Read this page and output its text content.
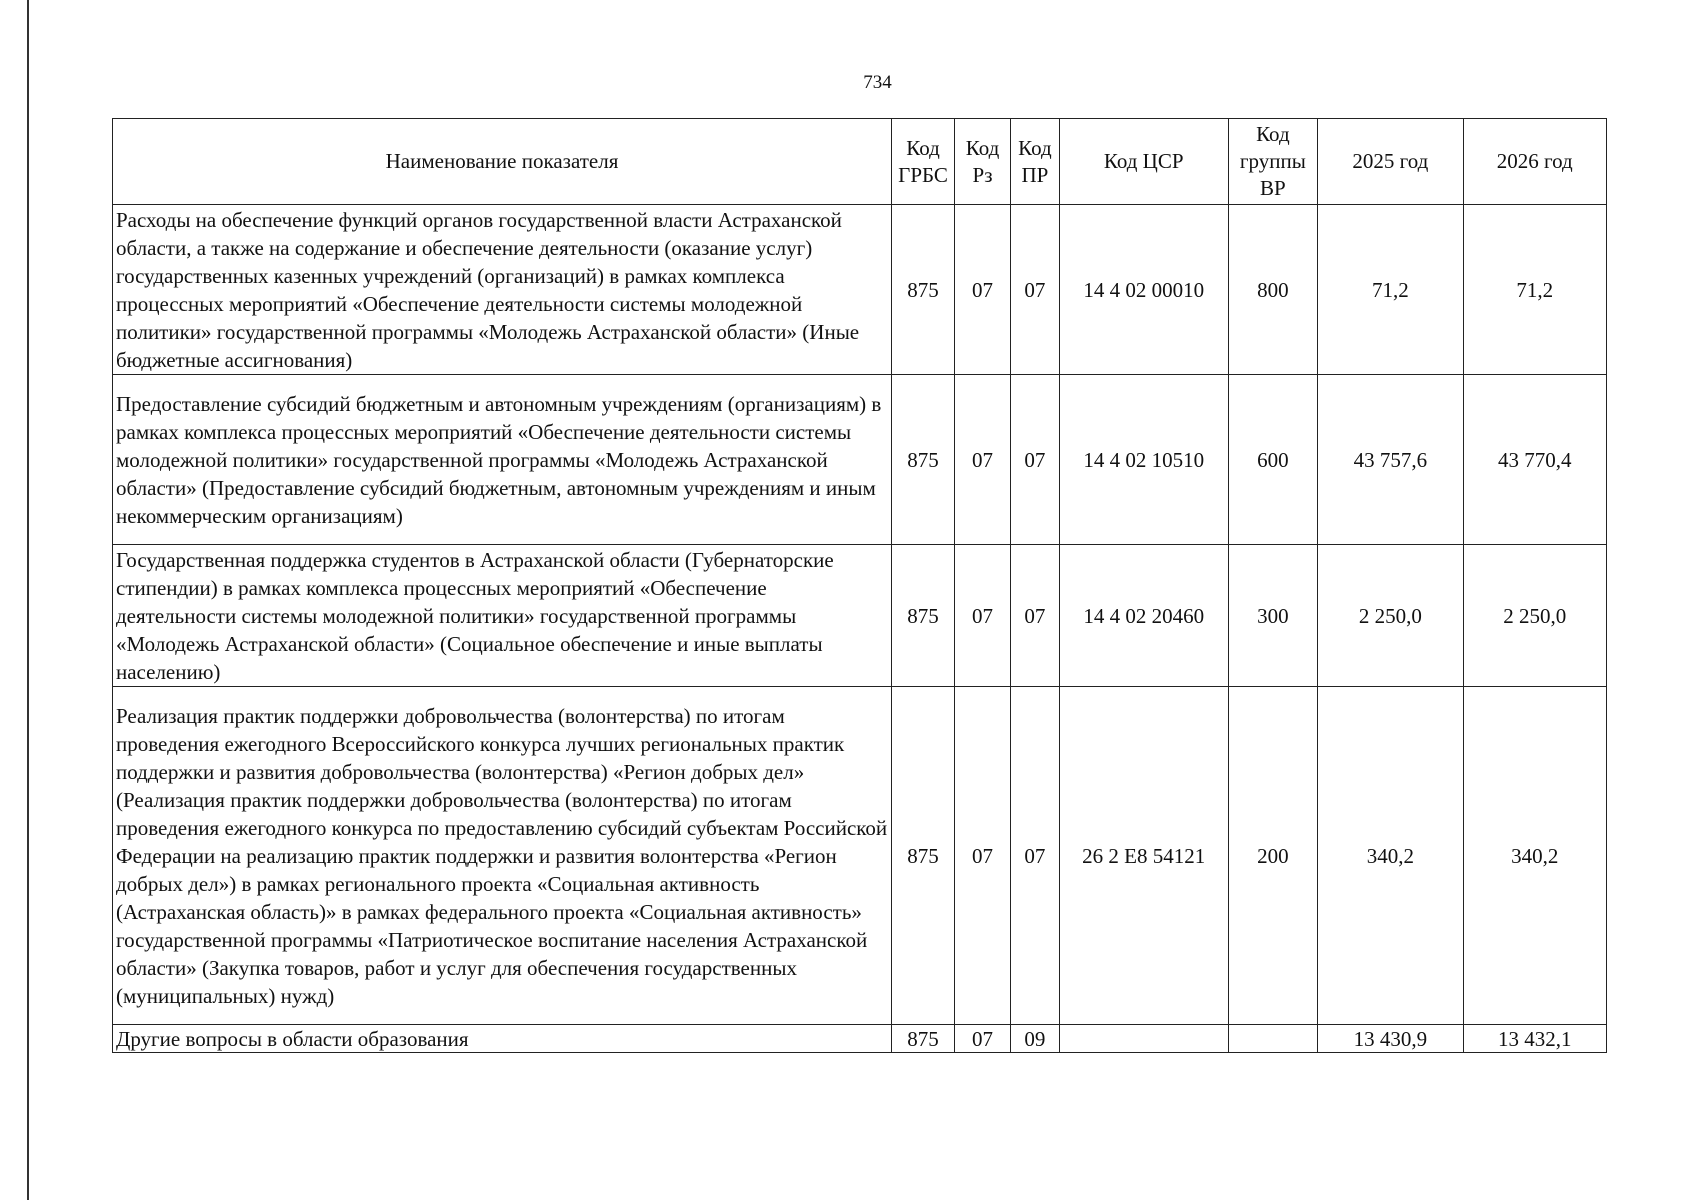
734
Наименование показателя	Код ГРБС	Код Рз	Код ПР	Код ЦСР	Код группы ВР	2025 год	2026 год
Расходы на обеспечение функций органов государственной власти Астраханской области, а также на содержание и обеспечение деятельности (оказание услуг) государственных казенных учреждений (организаций) в рамках комплекса процессных мероприятий «Обеспечение деятельности системы молодежной политики» государственной программы «Молодежь Астраханской области» (Иные бюджетные ассигнования)	875	07	07	14 4 02 00010	800	71,2	71,2
Предоставление субсидий бюджетным и автономным учреждениям (организациям) в рамках комплекса процессных мероприятий «Обеспечение деятельности системы молодежной политики» государственной программы «Молодежь Астраханской области» (Предоставление субсидий бюджетным, автономным учреждениям и иным некоммерческим организациям)	875	07	07	14 4 02 10510	600	43 757,6	43 770,4
Государственная поддержка студентов в Астраханской области (Губернаторские стипендии) в рамках комплекса процессных мероприятий «Обеспечение деятельности системы молодежной политики» государственной программы «Молодежь Астраханской области» (Социальное обеспечение и иные выплаты населению)	875	07	07	14 4 02 20460	300	2 250,0	2 250,0
Реализация практик поддержки добровольчества (волонтерства) по итогам проведения ежегодного Всероссийского конкурса лучших региональных практик поддержки и развития добровольчества (волонтерства) «Регион добрых дел» (Реализация практик поддержки добровольчества (волонтерства) по итогам проведения ежегодного конкурса по предоставлению субсидий субъектам Российской Федерации на реализацию практик поддержки и развития волонтерства «Регион добрых дел») в рамках регионального проекта «Социальная активность (Астраханская область)» в рамках федерального проекта «Социальная активность» государственной программы «Патриотическое воспитание населения Астраханской области» (Закупка товаров, работ и услуг для обеспечения государственных (муниципальных) нужд)	875	07	07	26 2 E8 54121	200	340,2	340,2
Другие вопросы в области образования	875	07	09			13 430,9	13 432,1
